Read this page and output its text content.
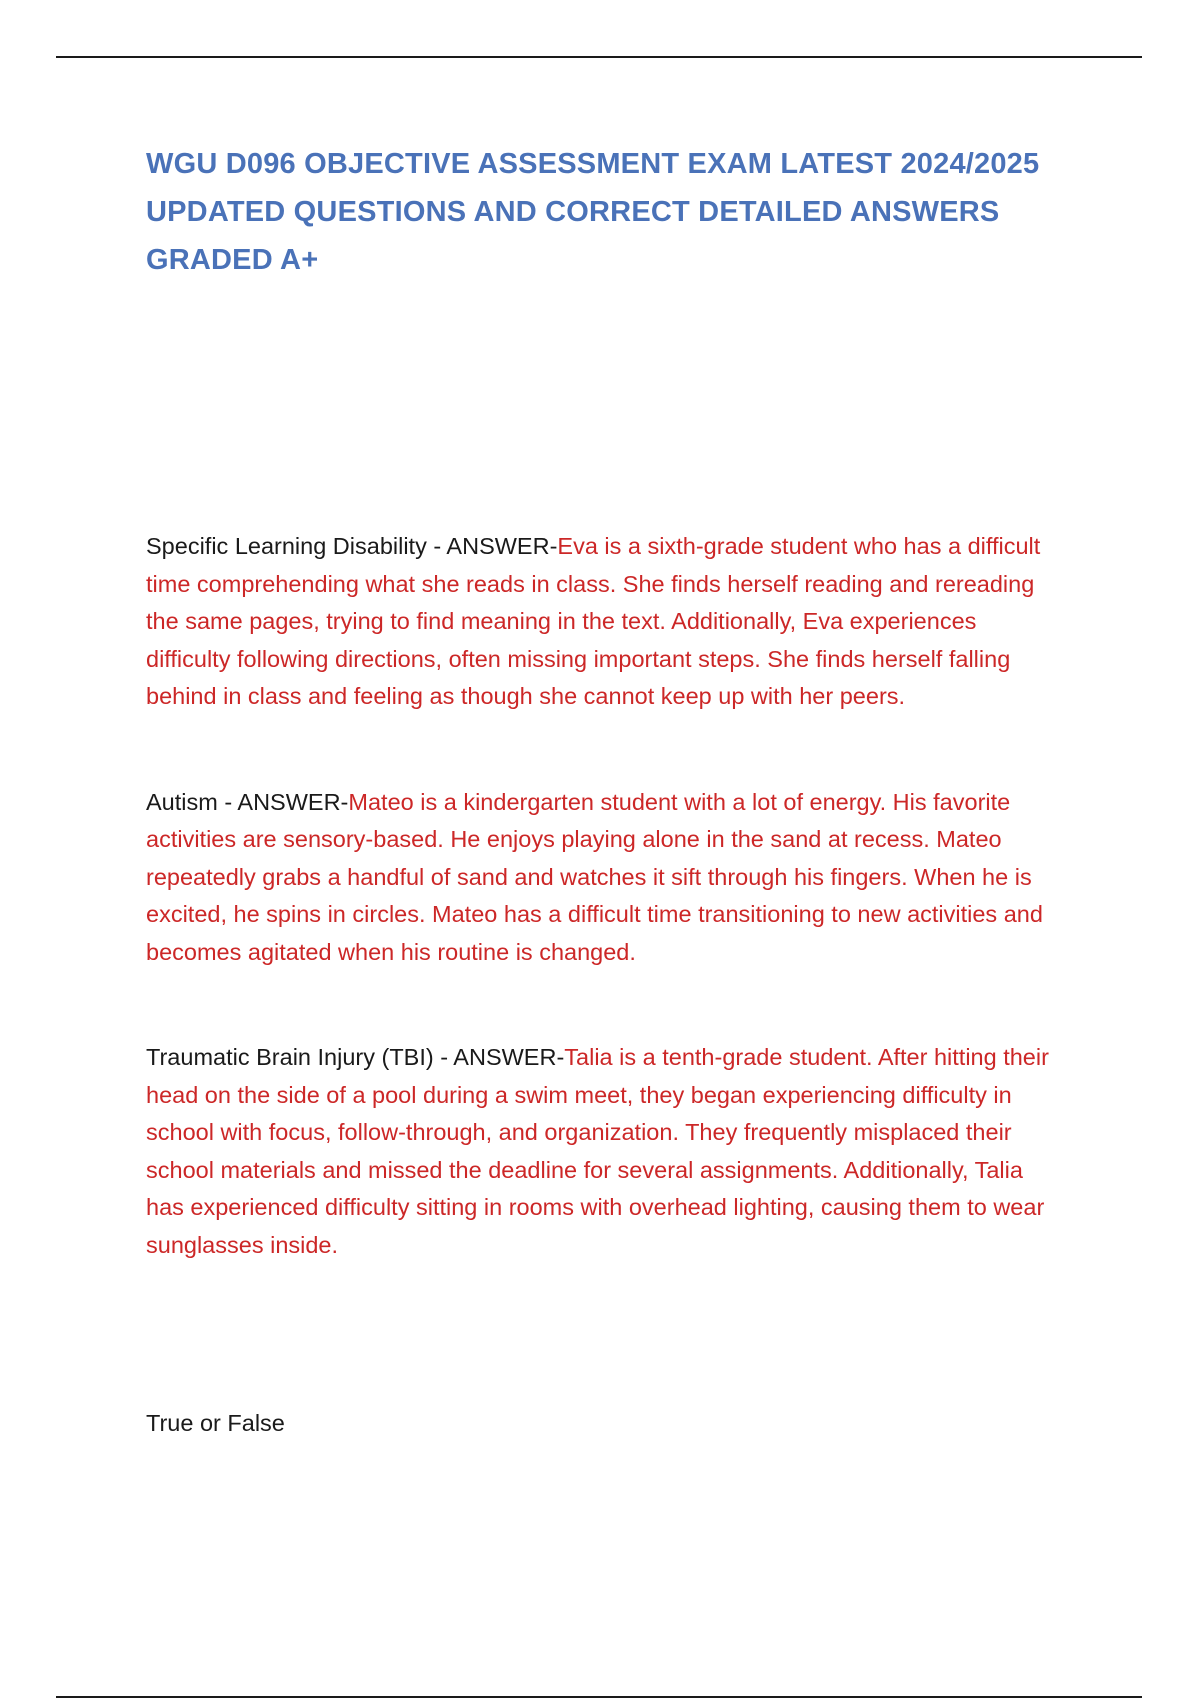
WGU D096 OBJECTIVE ASSESSMENT EXAM LATEST 2024/2025 UPDATED QUESTIONS AND CORRECT DETAILED ANSWERS GRADED A+

Specific Learning Disability - ANSWER-Eva is a sixth-grade student who has a difficult time comprehending what she reads in class. She finds herself reading and rereading the same pages, trying to find meaning in the text. Additionally, Eva experiences difficulty following directions, often missing important steps. She finds herself falling behind in class and feeling as though she cannot keep up with her peers.

Autism - ANSWER-Mateo is a kindergarten student with a lot of energy. His favorite activities are sensory-based. He enjoys playing alone in the sand at recess. Mateo repeatedly grabs a handful of sand and watches it sift through his fingers. When he is excited, he spins in circles. Mateo has a difficult time transitioning to new activities and becomes agitated when his routine is changed.

Traumatic Brain Injury (TBI) - ANSWER-Talia is a tenth-grade student. After hitting their head on the side of a pool during a swim meet, they began experiencing difficulty in school with focus, follow-through, and organization. They frequently misplaced their school materials and missed the deadline for several assignments. Additionally, Talia has experienced difficulty sitting in rooms with overhead lighting, causing them to wear sunglasses inside.

True or False
